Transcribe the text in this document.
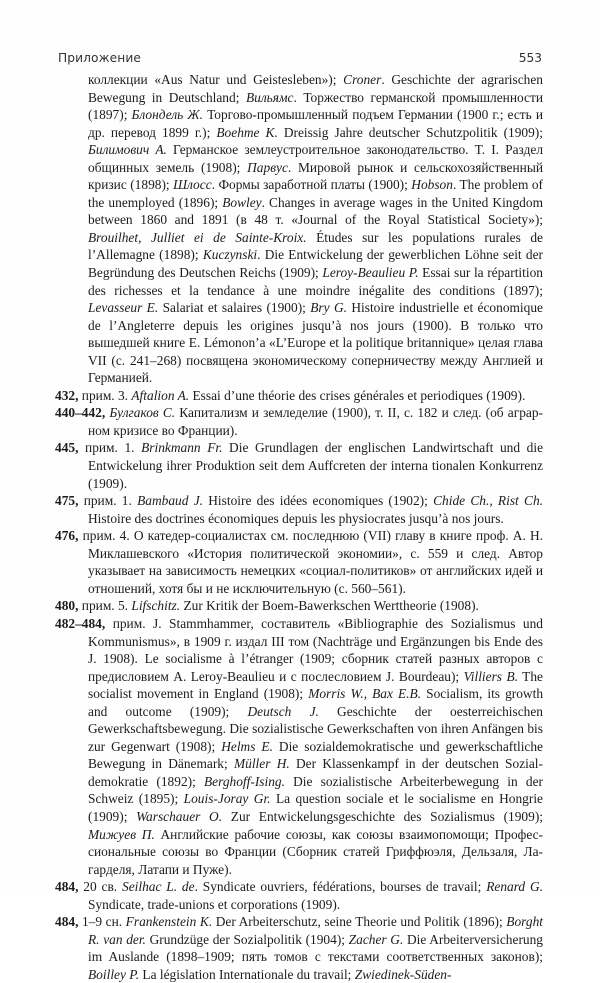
Приложение	553

коллекции «Aus Natur und Geistesleben»); Croner. Geschichte der agrarischen Bewegung in Deutschland; Вильямс. Торжество германской промышленности (1897); Блондель Ж. Торгово-промышленный подъем Германии (1900 г.; есть и др. перевод 1899 г.); Boehme K. Dreissig Jahre deutscher Schutzpolitik (1909); Билимович А. Германское землеустроительное законодательство. T. I. Раздел общинных земель (1908); Парвус. Мировой рынок и сельскохозяйственный кризис (1898); Шлосс. Формы заработной платы (1900); Hobson. The problem of the unemployed (1896); Bowley. Changes in average wages in the United Kingdom between 1860 and 1891 (в 48 т. «Journal of the Royal Statistical Society»); Brouilhet, Julliet ei de Sainte-Kroix. Études sur les populations rurales de l’Allemagne (1898); Kuczynski. Die Entwickelung der gewerblichen Löhne seit der Begründung des Deutschen Reichs (1909); Leroy-Beaulieu P. Essai sur la répartition des richesses et la tendance à une moindre inégalite des conditions (1897); Levasseur E. Salariat et salaires (1900); Bry G. Histoire industrielle et économique de l’Angleterre depuis les origines jusqu’à nos jours (1900). В только что вышедшей книге E. Lémonon’a «L’Europe et la politique britannique» целая глава VII (с. 241–268) посвящена экономическому соперничеству между Англией и Германией.

432, прим. 3. Aftalion A. Essai d’une théorie des crises générales et periodiques (1909).

440–442, Булгаков С. Капитализм и земледелие (1900), т. II, с. 182 и след. (об аграрном кризисе во Франции).

445, прим. 1. Brinkmann Fr. Die Grundlagen der englischen Landwirtschaft und die Entwickelung ihrer Produktion seit dem Auffcreten der interna tionalen Konkurrenz (1909).

475, прим. 1. Bambaud J. Histoire des idées economiques (1902); Chide Ch., Rist Ch. Histoire des doctrines économiques depuis les physiocrates jusqu’à nos jours.

476, прим. 4. О катедер-социалистах см. последнюю (VII) главу в книге проф. А. Н. Миклашевского «История политической экономии», с. 559 и след. Автор указывает на зависимость немецких «социал-политиков» от английских идей и отношений, хотя бы и не исключительную (с. 560–561).

480, прим. 5. Lifschitz. Zur Kritik der Boem-Bawerkschen Werttheorie (1908).

482–484, прим. J. Stammhammer, составитель «Bibliographie des Sozialismus und Kommunismus», в 1909 г. издал III том (Nachträge und Ergänzungen bis Ende des J. 1908). Le socialisme à l’étranger (1909; сборник статей разных авторов с предисловием A. Leroy-Beaulieu и с послесловием J. Bourdeau); Villiers B. The socialist movement in England (1908); Morris W., Bax E.B. Socialism, its growth and outcome (1909); Deutsch J. Geschichte der oesterreichischen Gewerkschaftsbewegung. Die sozialistische Gewerkschaften von ihren Anfängen bis zur Gegenwart (1908); Helms E. Die sozialdemokratische und gewerkschaftliche Bewegung in Dänemark; Müller H. Der Klassenkampf in der deutschen Sozialdemokratie (1892); Berghoff-Ising. Die sozialistische Arbeiterbewegung in der Schweiz (1895); Louis-Joray Gr. La question sociale et le socialisme en Hongrie (1909); Warschauer O. Zur Entwickelungsgeschichte des Sozialismus (1909); Мижуев П. Английские рабочие союзы, как союзы взаимопомощи; Профессиональные союзы во Франции (Сборник статей Гриффюэля, Дельзаля, Лагарделя, Латапи и Пуже).

484, 20 св. Seilhac L. de. Syndicate ouvriers, fédérations, bourses de travail; Renard G. Syndicate, trade-unions et corporations (1909).

484, 1–9 сн. Frankenstein K. Der Arbeiterschutz, seine Theorie und Politik (1896); Borght R. van der. Grundzüge der Sozialpolitik (1904); Zacher G. Die Arbeiterversicherung im Auslande (1898–1909; пять томов с текстами соответственных законов); Boilley P. La législation Internationale du travail; Zwiedinek-Süden-
